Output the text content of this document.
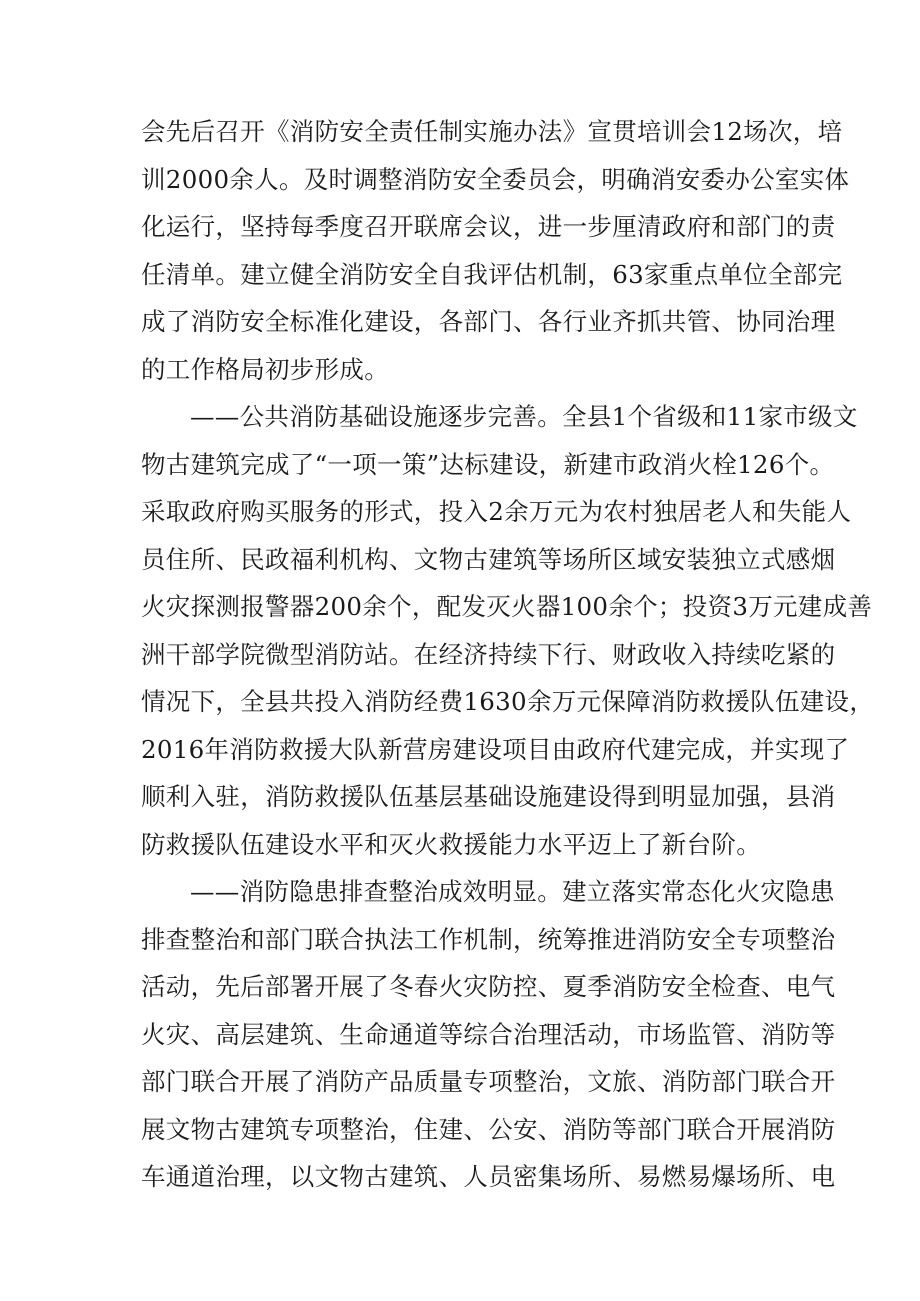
会先后召开《消防安全责任制实施办法》宣贯培训会12场次，培
训2000余人。及时调整消防安全委员会，明确消安委办公室实体
化运行，坚持每季度召开联席会议，进一步厘清政府和部门的责
任清单。建立健全消防安全自我评估机制，63家重点单位全部完
成了消防安全标准化建设，各部门、各行业齐抓共管、协同治理
的工作格局初步形成。
——公共消防基础设施逐步完善。全县1个省级和11家市级文
物古建筑完成了“一项一策”达标建设，新建市政消火栓126个。
采取政府购买服务的形式，投入2余万元为农村独居老人和失能人
员住所、民政福利机构、文物古建筑等场所区域安装独立式感烟
火灾探测报警器200余个，配发灭火器100余个；投资3万元建成善
洲干部学院微型消防站。在经济持续下行、财政收入持续吃紧的
情况下，全县共投入消防经费1630余万元保障消防救援队伍建设，
2016年消防救援大队新营房建设项目由政府代建完成，并实现了
顺利入驻，消防救援队伍基层基础设施建设得到明显加强，县消
防救援队伍建设水平和灭火救援能力水平迈上了新台阶。
——消防隐患排查整治成效明显。建立落实常态化火灾隐患
排查整治和部门联合执法工作机制，统筹推进消防安全专项整治
活动，先后部署开展了冬春火灾防控、夏季消防安全检查、电气
火灾、高层建筑、生命通道等综合治理活动，市场监管、消防等
部门联合开展了消防产品质量专项整治，文旅、消防部门联合开
展文物古建筑专项整治，住建、公安、消防等部门联合开展消防
车通道治理，以文物古建筑、人员密集场所、易燃易爆场所、电
